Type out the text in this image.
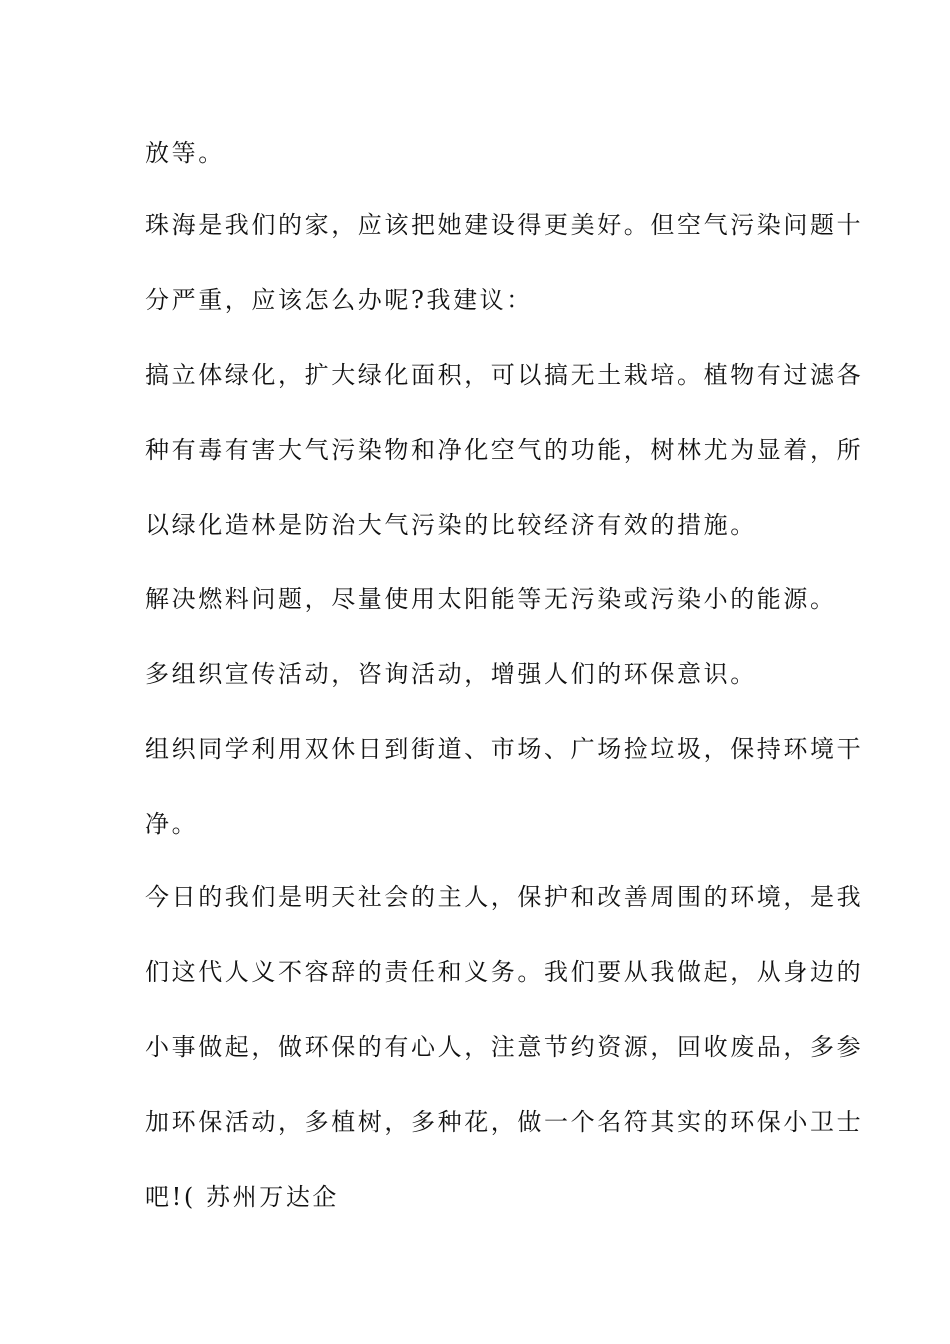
放等。
珠海是我们的家，应该把她建设得更美好。但空气污染问题十
分严重，应该怎么办呢?我建议：
搞立体绿化，扩大绿化面积，可以搞无土栽培。植物有过滤各
种有毒有害大气污染物和净化空气的功能，树林尤为显着，所
以绿化造林是防治大气污染的比较经济有效的措施。
解决燃料问题，尽量使用太阳能等无污染或污染小的能源。
多组织宣传活动，咨询活动，增强人们的环保意识。
组织同学利用双休日到街道、市场、广场捡垃圾，保持环境干
净。
今日的我们是明天社会的主人，保护和改善周围的环境，是我
们这代人义不容辞的责任和义务。我们要从我做起，从身边的
小事做起，做环保的有心人，注意节约资源，回收废品，多参
加环保活动，多植树，多种花，做一个名符其实的环保小卫士
吧!( 苏州万达企
